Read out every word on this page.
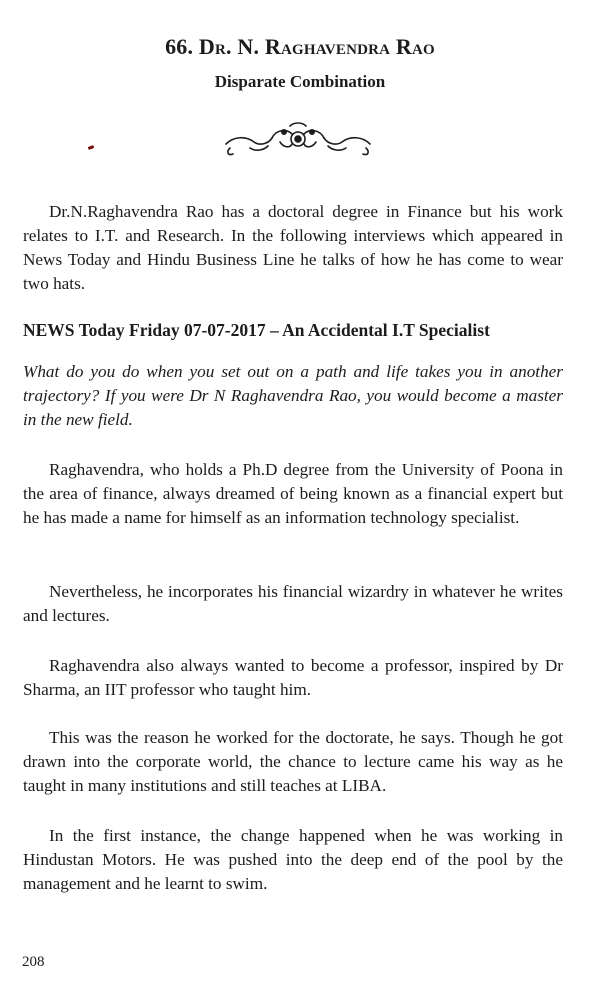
66. Dr. N. Raghavendra Rao
Disparate Combination

Dr.N.Raghavendra Rao has a doctoral degree in Finance but his work relates to I.T. and Research. In the following interviews which appeared in News Today and Hindu Business Line he talks of how he has come to wear two hats.

NEWS Today Friday 07-07-2017 – An Accidental I.T Specialist

What do you do when you set out on a path and life takes you in another trajectory? If you were Dr N Raghavendra Rao, you would become a master in the new field.

Raghavendra, who holds a Ph.D degree from the University of Poona in the area of finance, always dreamed of being known as a financial expert but he has made a name for himself as an information technology specialist.

Nevertheless, he incorporates his financial wizardry in whatever he writes and lectures.

Raghavendra also always wanted to become a professor, inspired by Dr Sharma, an IIT professor who taught him.

This was the reason he worked for the doctorate, he says. Though he got drawn into the corporate world, the chance to lecture came his way as he taught in many institutions and still teaches at LIBA.

In the first instance, the change happened when he was working in Hindustan Motors. He was pushed into the deep end of the pool by the management and he learnt to swim.

208
